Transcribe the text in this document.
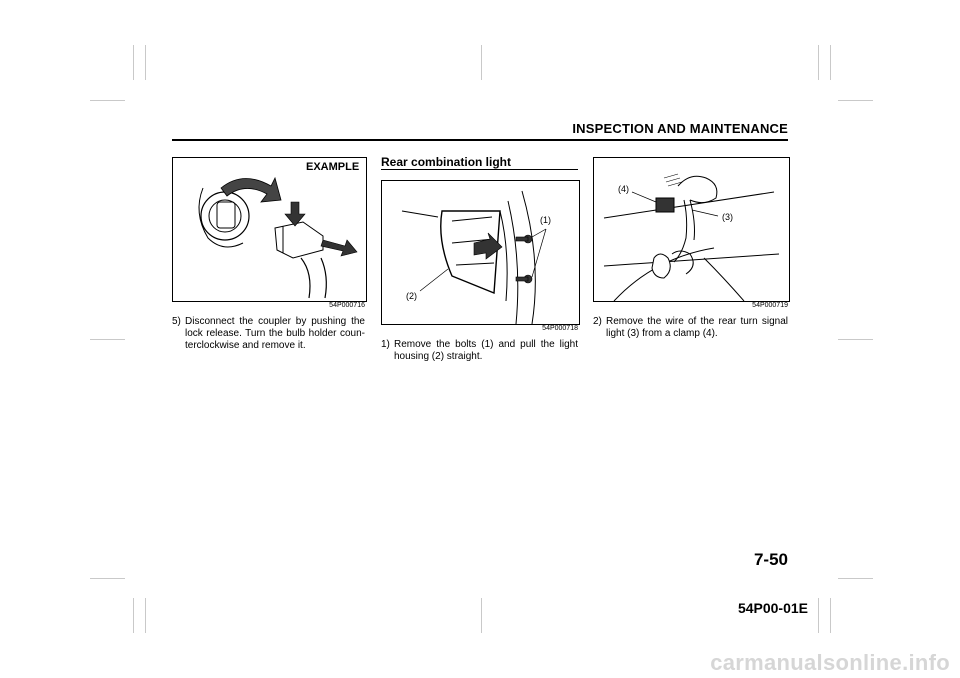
INSPECTION AND MAINTENANCE
EXAMPLE
54P000716
5) Disconnect the coupler by pushing the lock release. Turn the bulb holder coun-terclockwise and remove it.
Rear combination light
(1)
(2)
54P000718
1) Remove the bolts (1) and pull the light housing (2) straight.
(4)
(3)
54P000719
2) Remove the wire of the rear turn signal light (3) from a clamp (4).
7-50
54P00-01E
carmanualsonline.info
